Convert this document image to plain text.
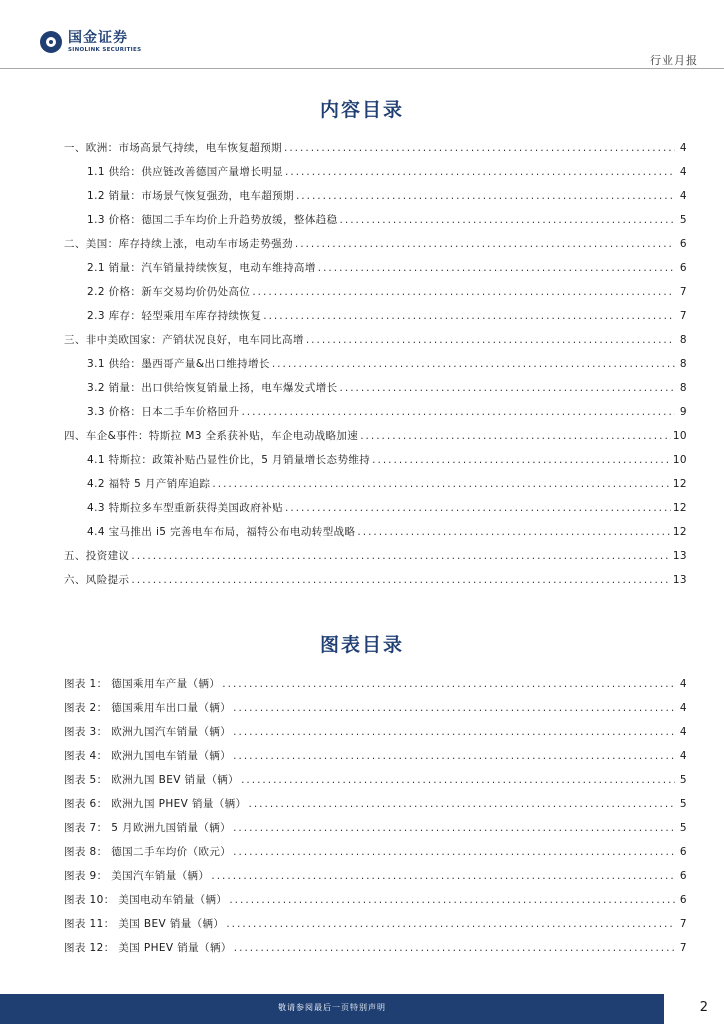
国金证券
SINOLINK SECURITIES
行业月报
内容目录
一、欧洲：市场高景气持续，电车恢复超预期 .....	4
1.1 供给：供应链改善德国产量增长明显 .....	4
1.2 销量：市场景气恢复强劲，电车超预期 .....	4
1.3 价格：德国二手车均价上升趋势放缓，整体趋稳 .....	5
二、美国：库存持续上涨，电动车市场走势强劲 .....	6
2.1 销量：汽车销量持续恢复，电动车维持高增 .....	6
2.2 价格：新车交易均价仍处高位 .....	7
2.3 库存：轻型乘用车库存持续恢复 .....	7
三、非中美欧国家：产销状况良好，电车同比高增 .....	8
3.1 供给：墨西哥产量&出口维持增长 .....	8
3.2 销量：出口供给恢复销量上扬，电车爆发式增长 .....	8
3.3 价格：日本二手车价格回升 .....	9
四、车企&事件：特斯拉 M3 全系获补贴，车企电动战略加速 .....	10
4.1 特斯拉：政策补贴凸显性价比，5 月销量增长态势维持 .....	10
4.2 福特 5 月产销库追踪 .....	12
4.3 特斯拉多车型重新获得美国政府补贴 .....	12
4.4 宝马推出 i5 完善电车布局，福特公布电动转型战略 .....	12
五、投资建议 .....	13
六、风险提示 .....	13
图表目录
图表 1： 德国乘用车产量（辆） .....	4
图表 2： 德国乘用车出口量（辆） .....	4
图表 3： 欧洲九国汽车销量（辆） .....	4
图表 4： 欧洲九国电车销量（辆） .....	4
图表 5： 欧洲九国 BEV 销量（辆） .....	5
图表 6： 欧洲九国 PHEV 销量（辆） .....	5
图表 7： 5 月欧洲九国销量（辆） .....	5
图表 8： 德国二手车均价（欧元） .....	6
图表 9： 美国汽车销量（辆） .....	6
图表 10： 美国电动车销量（辆） .....	6
图表 11： 美国 BEV 销量（辆） .....	7
图表 12： 美国 PHEV 销量（辆） .....	7
敬请参阅最后一页特别声明	2
